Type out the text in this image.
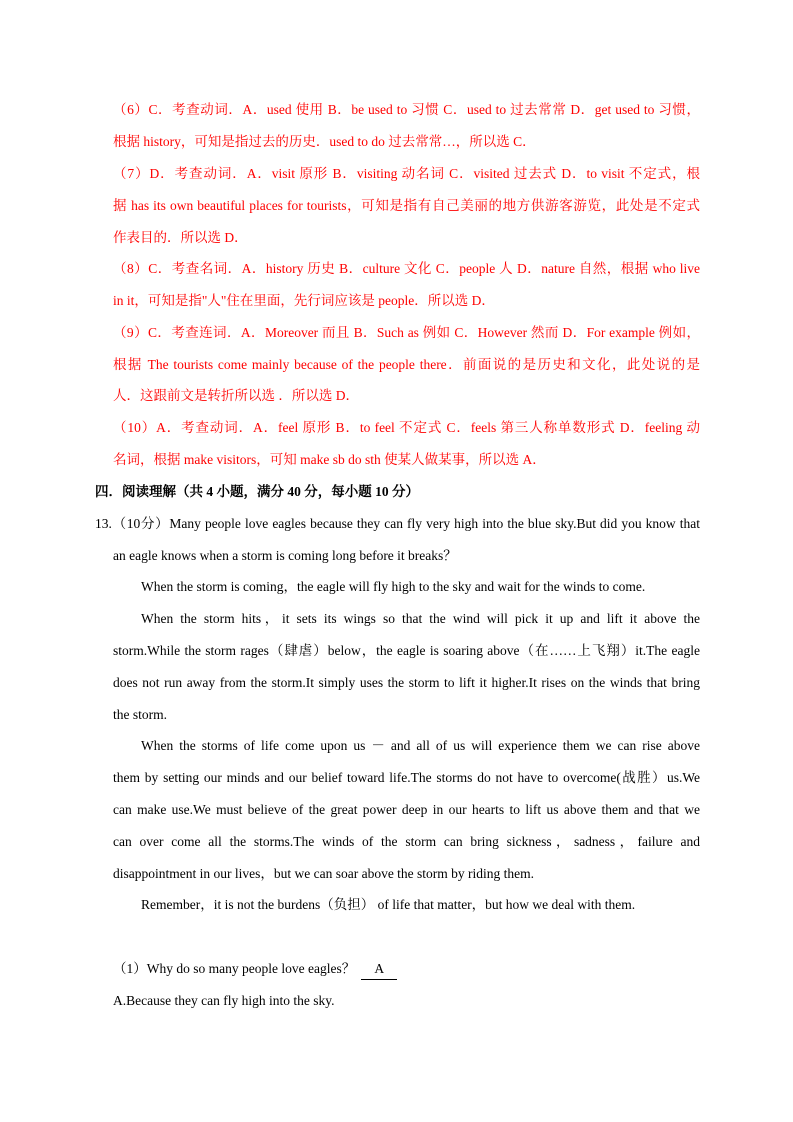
（6）C．考查动词．A．used 使用 B．be used to 习惯 C．used to 过去常常 D．get used to 习惯，
根据 history，可知是指过去的历史．used to do 过去常常…，所以选 C．
（7）D．考查动词．A．visit 原形 B．visiting 动名词 C．visited 过去式 D．to visit 不定式，根
据 has its own beautiful places for tourists，可知是指有自己美丽的地方供游客游览，此处是不定式
作表目的．所以选 D．
（8）C．考查名词．A．history 历史 B．culture 文化 C．people 人 D．nature 自然，根据 who live
in it，可知是指"人"住在里面，先行词应该是 people．所以选 D．
（9）C．考查连词．A．Moreover 而且 B．Such as 例如 C．However 然而 D．For example 例如，
根据 The tourists come mainly because of the people there．前面说的是历史和文化，此处说的是
人．这跟前文是转折所以选 ．所以选 D．
（10）A．考查动词．A．feel 原形 B．to feel 不定式 C．feels 第三人称单数形式 D．feeling 动
名词，根据 make visitors，可知 make sb do sth 使某人做某事，所以选 A．
四．阅读理解（共 4 小题，满分 40 分，每小题 10 分）
13.（10分）Many people love eagles because they can fly very high into the blue sky.But did you know that
an eagle knows when a storm is coming long before it breaks？
When the storm is coming，the eagle will fly high to the sky and wait for the winds to come.
When the storm hits，it sets its wings so that the wind will pick it up and lift it above the
storm.While the storm rages（肆虐）below，the eagle is soaring above（在……上飞翔）it.The eagle
does not run away from the storm.It simply uses the storm to lift it higher.It rises on the winds that bring
the storm.
When the storms of life come upon us － and all of us will experience them we can rise above
them by setting our minds and our belief toward life.The storms do not have to overcome(战胜）us.We
can make use.We must believe of the great power deep in our hearts to lift us above them and that we
can over come all the storms.The winds of the storm can bring sickness，sadness，failure and
disappointment in our lives，but we can soar above the storm by riding them.
Remember，it is not the burdens（负担） of life that matter，but how we deal with them.
（1）Why do so many people love eagles？ A
A.Because they can fly high into the sky.
